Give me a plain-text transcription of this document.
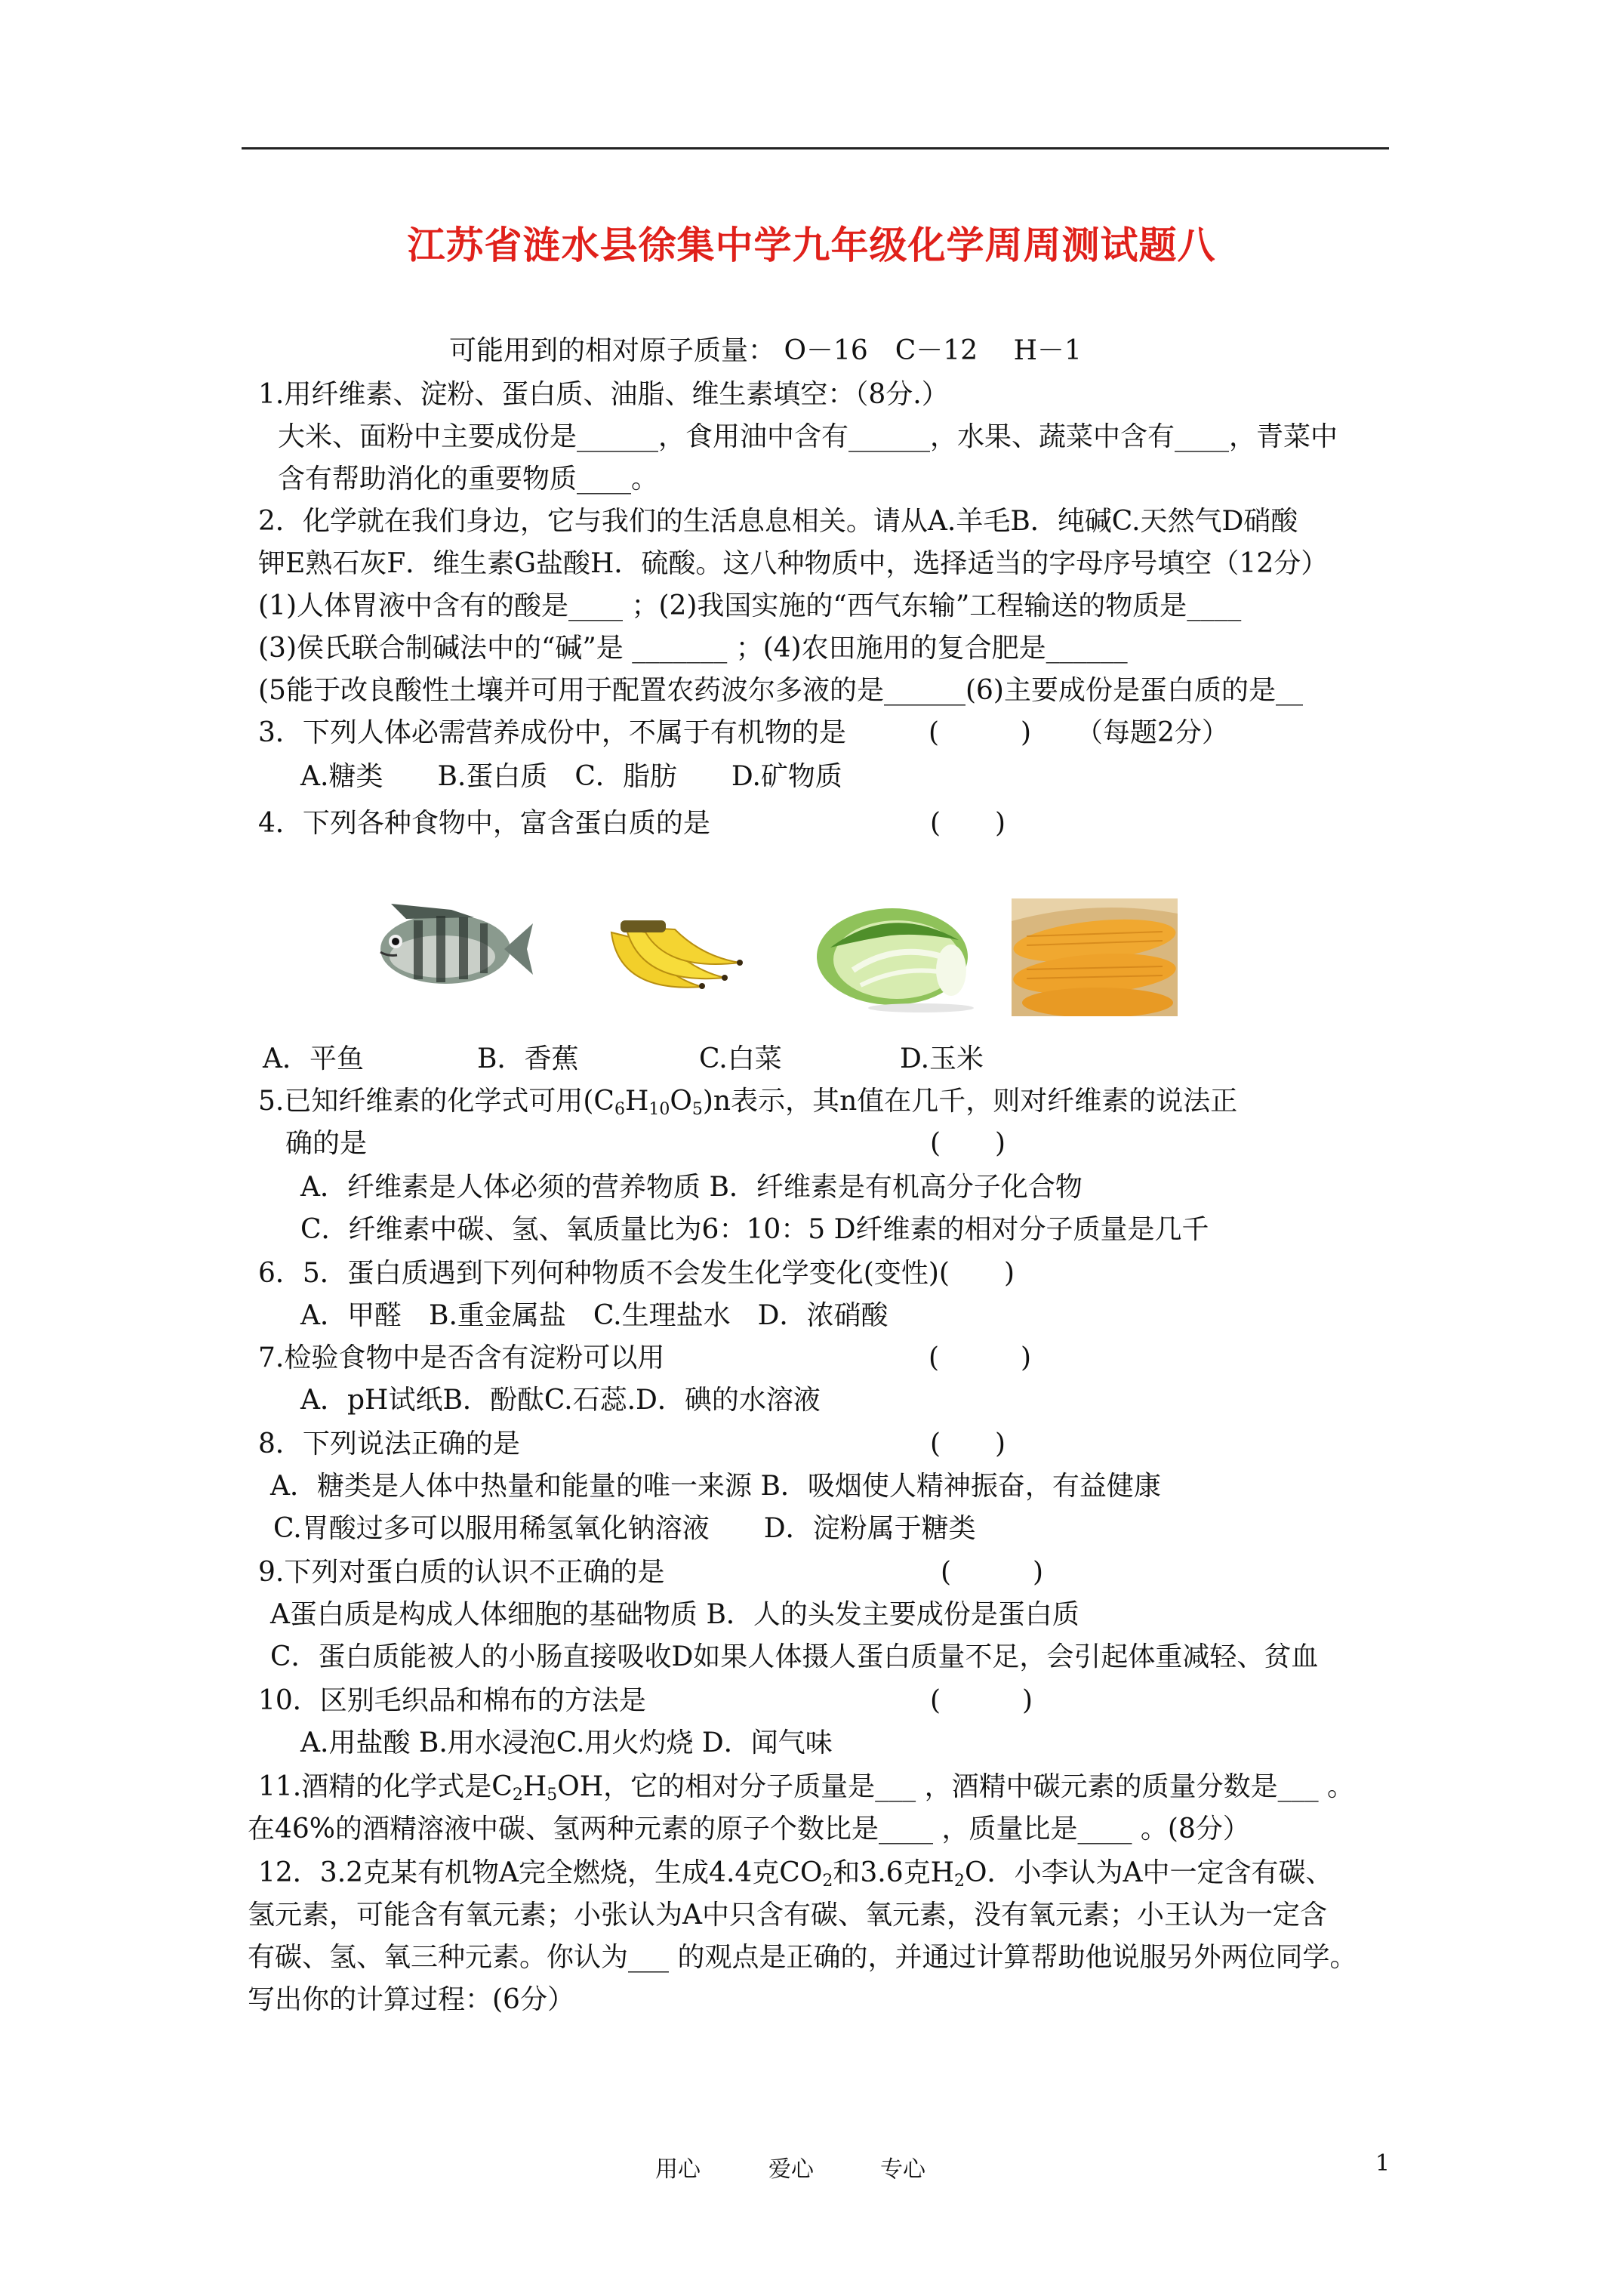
江苏省涟水县徐集中学九年级化学周周测试题八
可能用到的相对原子质量： O－16　C－12　 H－1
1.用纤维素、淀粉、蛋白质、油脂、维生素填空：（8分.）
大米、面粉中主要成份是______，食用油中含有______，水果、蔬菜中含有____，青菜中
含有帮助消化的重要物质____。
2．化学就在我们身边，它与我们的生活息息相关。请从A.羊毛B．纯碱C.天然气D硝酸
钾E熟石灰F．维生素G盐酸H．硫酸。这八种物质中，选择适当的字母序号填空（12分）
(1)人体胃液中含有的酸是____ ；(2)我国实施的“西气东输”工程输送的物质是____
(3)侯氏联合制碱法中的“碱”是 _______ ；(4)农田施用的复合肥是______
(5能于改良酸性土壤并可用于配置农药波尔多液的是______(6)主要成份是蛋白质的是__
3．下列人体必需营养成份中，不属于有机物的是	(　　　) （每题2分）
A.糖类　　B.蛋白质　C．脂肪　　D.矿物质
4．下列各种食物中，富含蛋白质的是	(　　)
A．平鱼	B．香蕉	C.白菜	D.玉米
5.已知纤维素的化学式可用$(C_6H_{10}O_5)n$表示，其n值在几千，则对纤维素的说法正
确的是	(　　)
A．纤维素是人体必须的营养物质 B．纤维素是有机高分子化合物
C．纤维素中碳、氢、氧质量比为6：10：5 D纤维素的相对分子质量是几千
6．5．蛋白质遇到下列何种物质不会发生化学变化(变性)(　　)
A．甲醛　B.重金属盐　C.生理盐水　D．浓硝酸
7.检验食物中是否含有淀粉可以用	(　　　)
A．pH试纸B．酚酞C.石蕊.D．碘的水溶液
8．下列说法正确的是	(　　)
A．糖类是人体中热量和能量的唯一来源 B．吸烟使人精神振奋，有益健康
C.胃酸过多可以服用稀氢氧化钠溶液　　D．淀粉属于糖类
9.下列对蛋白质的认识不正确的是	(　　　)
A蛋白质是构成人体细胞的基础物质 B．人的头发主要成份是蛋白质
C．蛋白质能被人的小肠直接吸收D如果人体摄人蛋白质量不足，会引起体重减轻、贫血
10．区别毛织品和棉布的方法是	(　　　)
A.用盐酸 B.用水浸泡C.用火灼烧 D．闻气味
11.酒精的化学式是$C_2H_5OH$，它的相对分子质量是___ ，酒精中碳元素的质量分数是___ 。
在46%的酒精溶液中碳、氢两种元素的原子个数比是____ ，质量比是____ 。(8分）
12．3.2克某有机物A完全燃烧，生成4.4克$CO_2$和3.6克$H_2O$．小李认为A中一定含有碳、
氢元素，可能含有氧元素；小张认为A中只含有碳、氧元素，没有氧元素；小王认为一定含
有碳、氢、氧三种元素。你认为___ 的观点是正确的，并通过计算帮助他说服另外两位同学。
写出你的计算过程：(6分）
用心	爱心	专心	1
